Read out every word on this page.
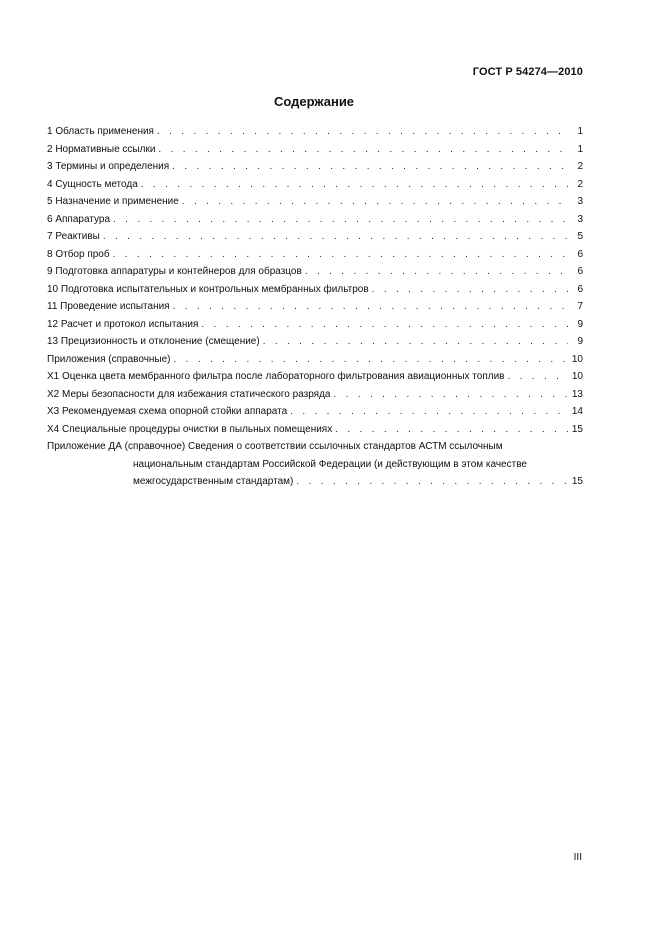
ГОСТ Р 54274—2010
Содержание
1 Область применения . . .	1
2 Нормативные ссылки . . .	1
3 Термины и определения . . .	2
4 Сущность метода . . .	2
5 Назначение и применение . . .	3
6 Аппаратура . . .	3
7 Реактивы . . .	5
8 Отбор проб . . .	6
9 Подготовка аппаратуры и контейнеров для образцов . . .	6
10 Подготовка испытательных и контрольных мембранных фильтров . . .	6
11 Проведение испытания . . .	7
12 Расчет и протокол испытания . . .	9
13 Прецизионность и отклонение (смещение) . . .	9
Приложения (справочные) . . .	10
Х1 Оценка цвета мембранного фильтра после лабораторного фильтрования авиационных топлив . . .	10
Х2 Меры безопасности для избежания статического разряда . . .	13
Х3 Рекомендуемая схема опорной стойки аппарата . . .	14
Х4 Специальные процедуры очистки в пыльных помещениях . . .	15
Приложение ДА (справочное) Сведения о соответствии ссылочных стандартов АСТМ ссылочным
национальным стандартам Российской Федерации (и действующим в этом качестве
межгосударственным стандартам) . . .	15
III
